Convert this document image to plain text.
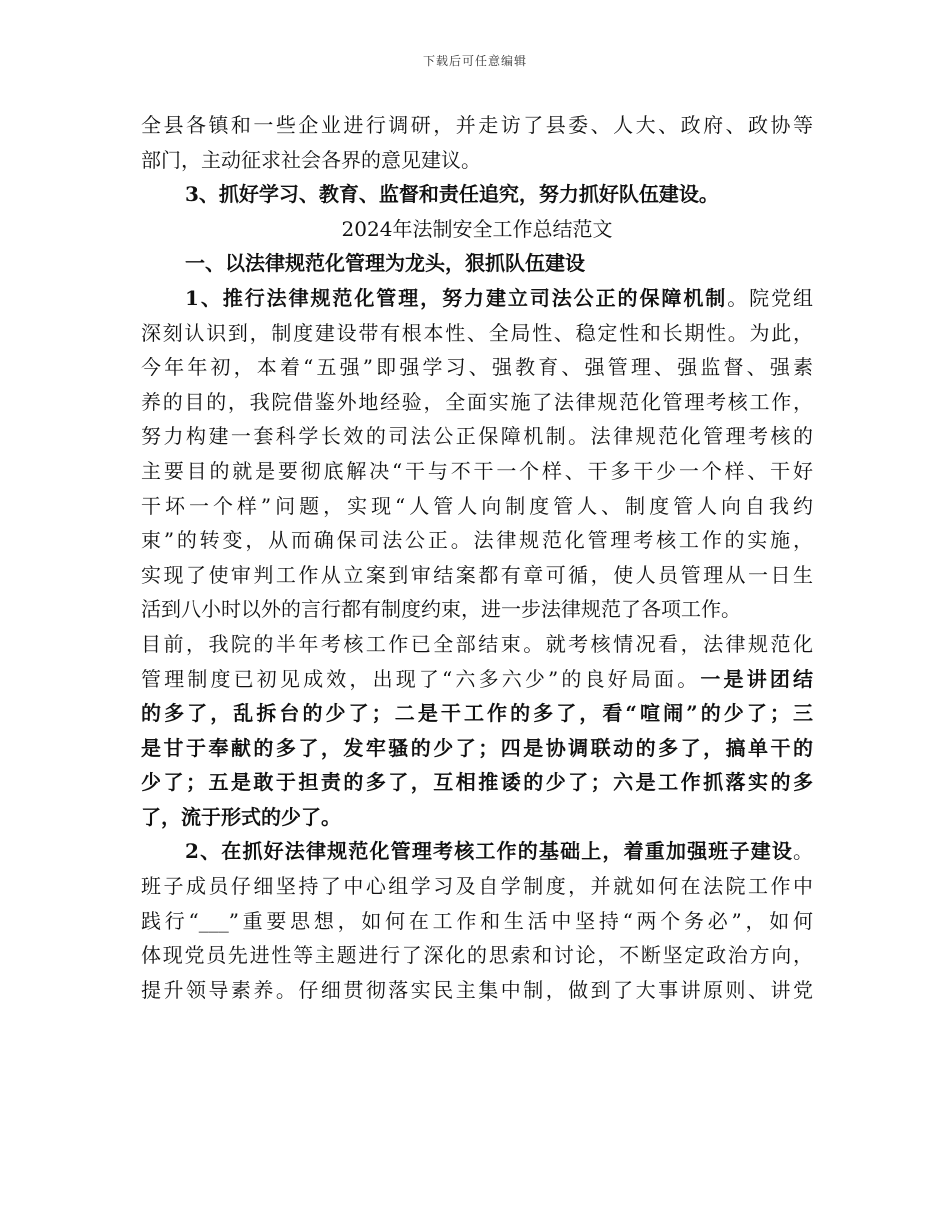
下载后可任意编辑
全县各镇和一些企业进行调研，并走访了县委、人大、政府、政协等
部门，主动征求社会各界的意见建议。
3、抓好学习、教育、监督和责任追究，努力抓好队伍建设。
2024年法制安全工作总结范文
一、以法律规范化管理为龙头，狠抓队伍建设
1、推行法律规范化管理，努力建立司法公正的保障机制。院党组
深刻认识到，制度建设带有根本性、全局性、稳定性和长期性。为此，
今年年初，本着“五强”即强学习、强教育、强管理、强监督、强素
养的目的，我院借鉴外地经验，全面实施了法律规范化管理考核工作，
努力构建一套科学长效的司法公正保障机制。法律规范化管理考核的
主要目的就是要彻底解决“干与不干一个样、干多干少一个样、干好
干坏一个样”问题，实现“人管人向制度管人、制度管人向自我约
束”的转变，从而确保司法公正。法律规范化管理考核工作的实施，
实现了使审判工作从立案到审结案都有章可循，使人员管理从一日生
活到八小时以外的言行都有制度约束，进一步法律规范了各项工作。
目前，我院的半年考核工作已全部结束。就考核情况看，法律规范化
管理制度已初见成效，出现了“六多六少”的良好局面。一是讲团结
的多了，乱拆台的少了；二是干工作的多了，看“喧闹”的少了；三
是甘于奉献的多了，发牢骚的少了；四是协调联动的多了，搞单干的
少了；五是敢于担责的多了，互相推诿的少了；六是工作抓落实的多
了，流于形式的少了。
2、在抓好法律规范化管理考核工作的基础上，着重加强班子建设。
班子成员仔细坚持了中心组学习及自学制度，并就如何在法院工作中
践行“___”重要思想，如何在工作和生活中坚持“两个务必”，如何
体现党员先进性等主题进行了深化的思索和讨论，不断坚定政治方向，
提升领导素养。仔细贯彻落实民主集中制，做到了大事讲原则、讲党
